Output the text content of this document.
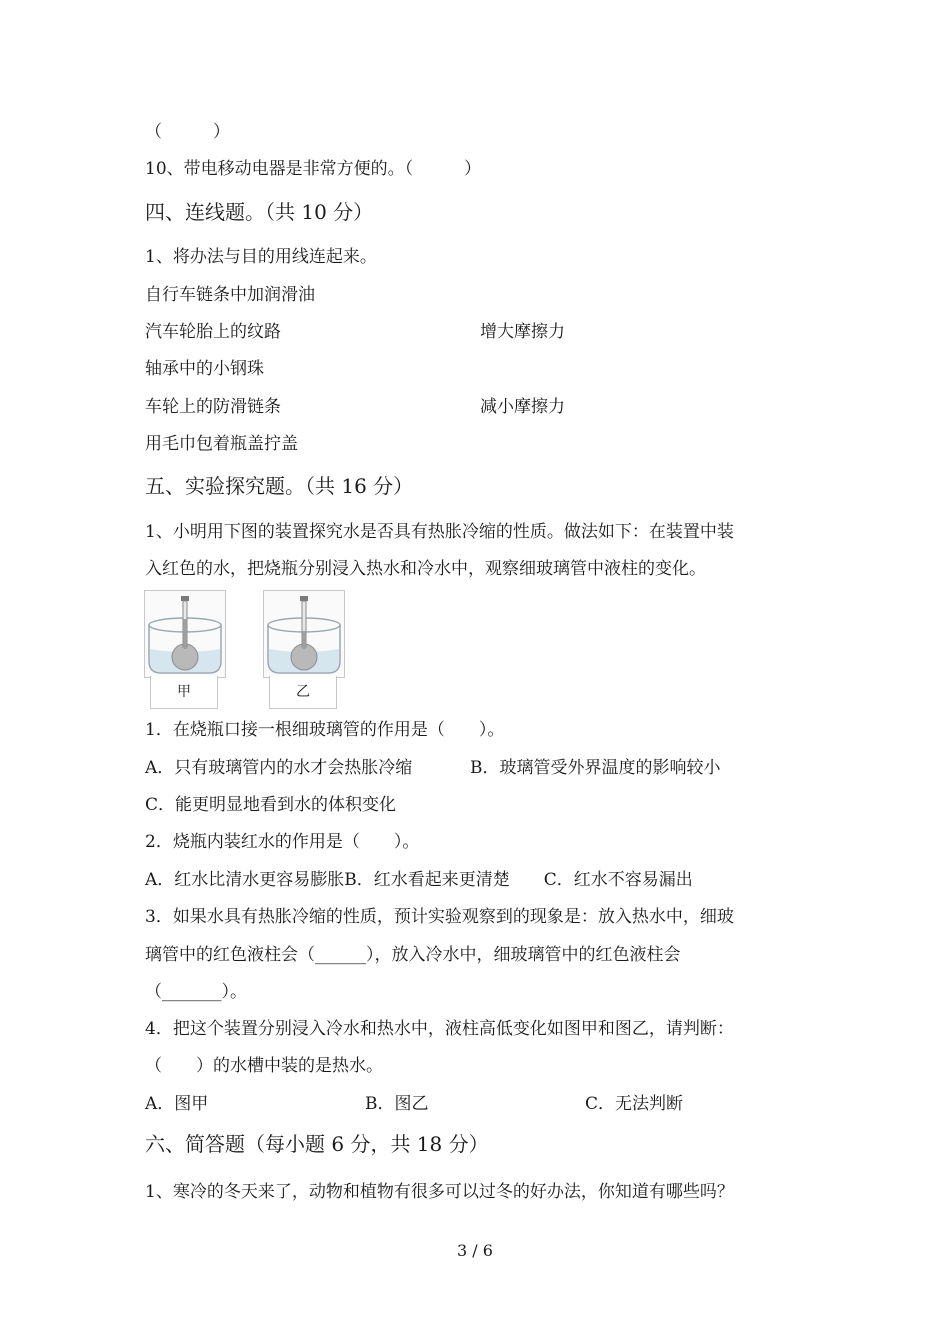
（　　　）
10、带电移动电器是非常方便的。（　　　）
四、连线题。（共 10 分）
1、将办法与目的用线连起来。
自行车链条中加润滑油
汽车轮胎上的纹路	增大摩擦力
轴承中的小钢珠
车轮上的防滑链条	减小摩擦力
用毛巾包着瓶盖拧盖
五、实验探究题。（共 16 分）
1、小明用下图的装置探究水是否具有热胀冷缩的性质。做法如下：在装置中装
入红色的水，把烧瓶分别浸入热水和冷水中，观察细玻璃管中液柱的变化。
甲	乙
1．在烧瓶口接一根细玻璃管的作用是（　　）。
A．只有玻璃管内的水才会热胀冷缩	B．玻璃管受外界温度的影响较小
C．能更明显地看到水的体积变化
2．烧瓶内装红水的作用是（　　）。
A．红水比清水更容易膨胀B．红水看起来更清楚　　C．红水不容易漏出
3．如果水具有热胀冷缩的性质，预计实验观察到的现象是：放入热水中，细玻
璃管中的红色液柱会（______），放入冷水中，细玻璃管中的红色液柱会
（_______）。
4．把这个装置分别浸入冷水和热水中，液柱高低变化如图甲和图乙，请判断：
（　　）的水槽中装的是热水。
A．图甲	B．图乙	C．无法判断
六、简答题（每小题 6 分，共 18 分）
1、寒冷的冬天来了，动物和植物有很多可以过冬的好办法，你知道有哪些吗？
3 / 6
